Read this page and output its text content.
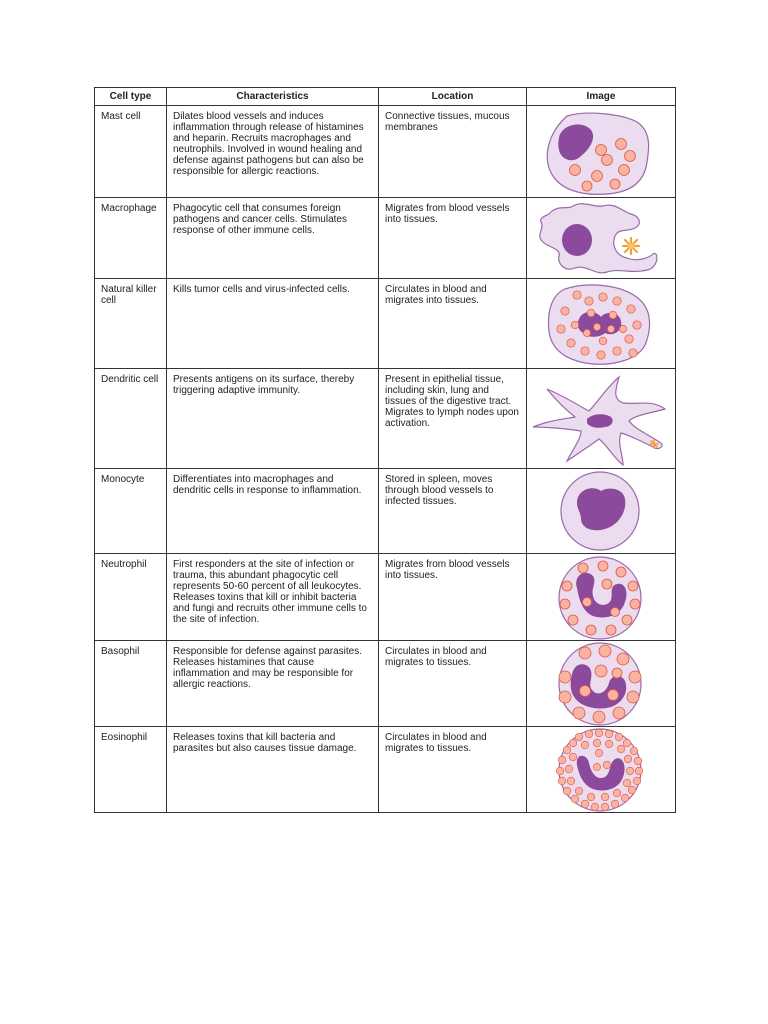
Cell type	Characteristics	Location	Image
Mast cell	Dilates blood vessels and induces inflammation through release of histamines and heparin. Recruits macrophages and neutrophils. Involved in wound healing and defense against pathogens but can also be responsible for allergic reactions.	Connective tissues, mucous membranes	

Macrophage	Phagocytic cell that consumes foreign pathogens and cancer cells. Stimulates response of other immune cells.	Migrates from blood vessels into tissues.	

Natural killer cell	Kills tumor cells and virus-infected cells.	Circulates in blood and migrates into tissues.	

Dendritic cell	Presents antigens on its surface, thereby triggering adaptive immunity.	Present in epithelial tissue, including skin, lung and tissues of the digestive tract. Migrates to lymph nodes upon activation.	

Monocyte	Differentiates into macrophages and dendritic cells in response to inflammation.	Stored in spleen, moves through blood vessels to infected tissues.	

Neutrophil	First responders at the site of infection or trauma, this abundant phagocytic cell represents 50-60 percent of all leukocytes. Releases toxins that kill or inhibit bacteria and fungi and recruits other immune cells to the site of infection.	Migrates from blood vessels into tissues.	

Basophil	Responsible for defense against parasites. Releases histamines that cause inflammation and may be responsible for allergic reactions.	Circulates in blood and migrates to tissues.	

Eosinophil	Releases toxins that kill bacteria and parasites but also causes tissue damage.	Circulates in blood and migrates to tissues.	
